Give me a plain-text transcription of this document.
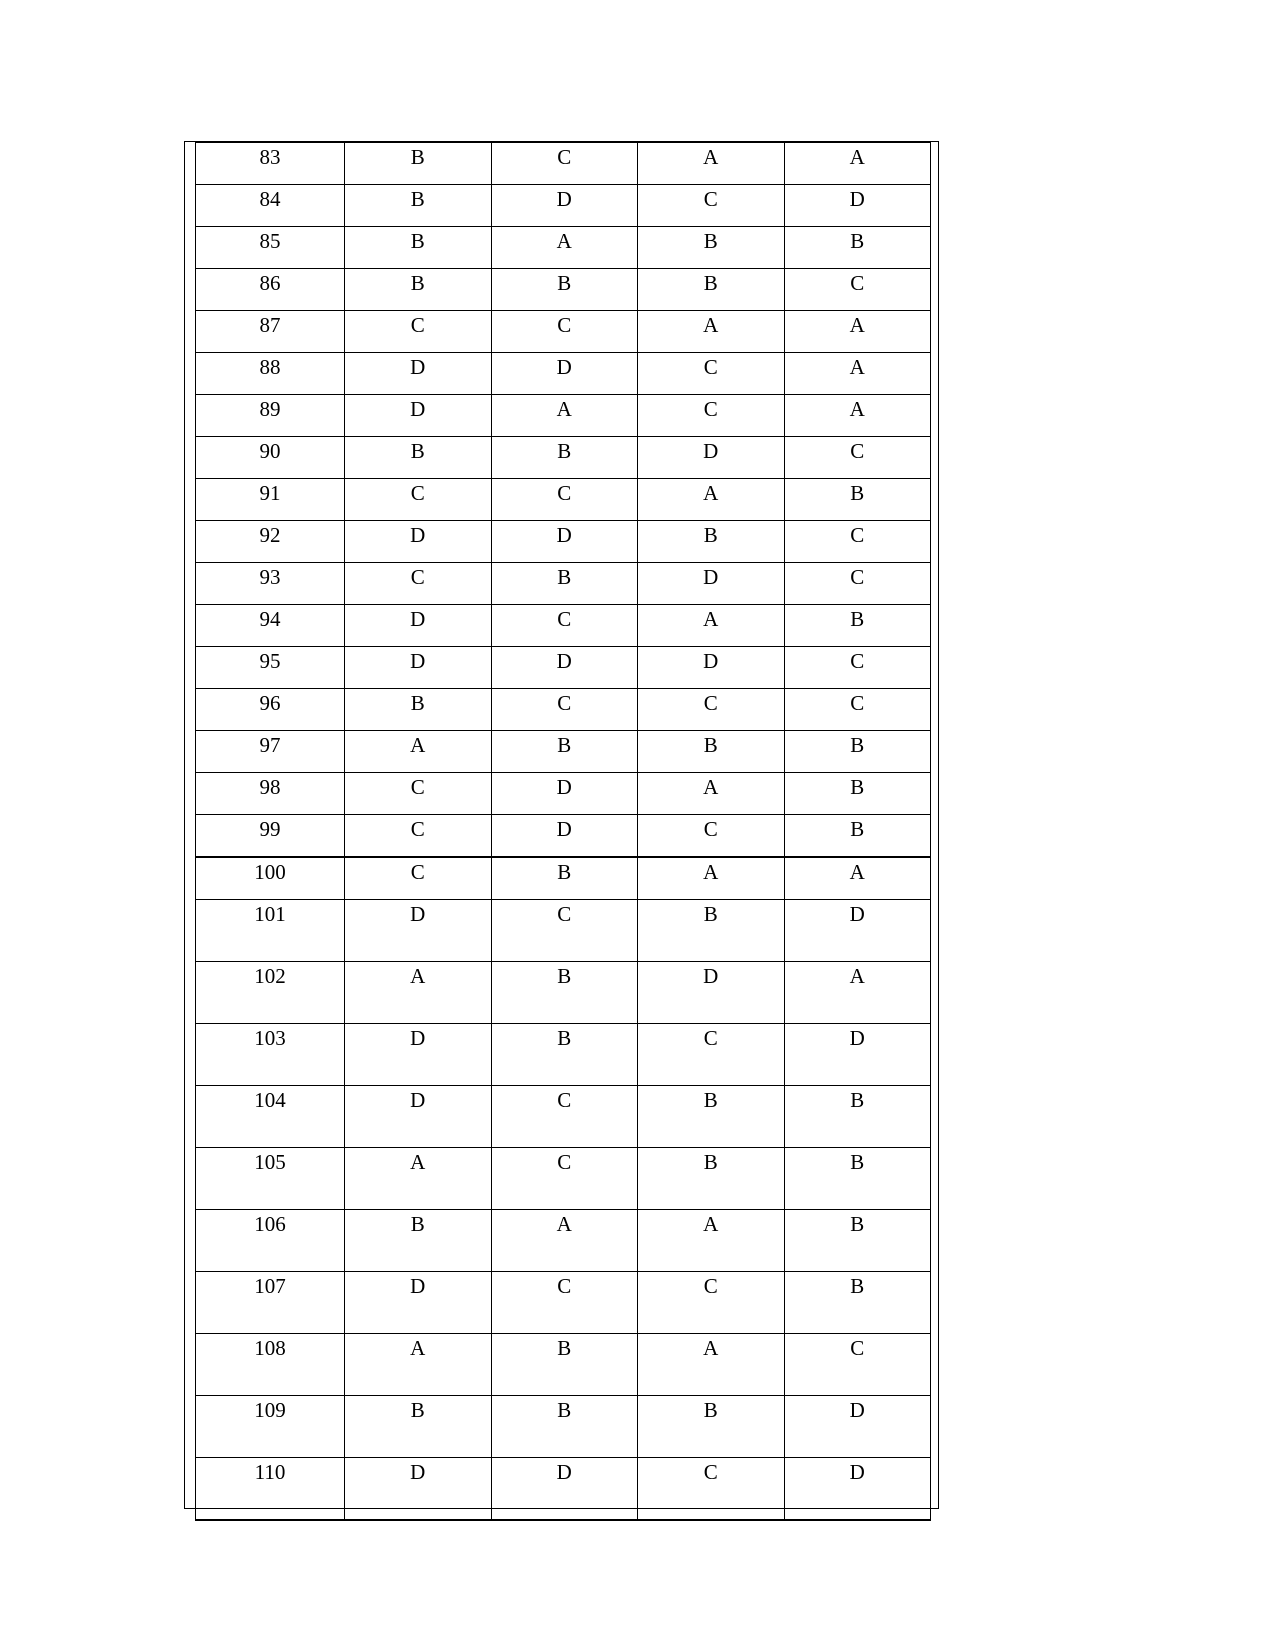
83	B	C	A	A

84	B	D	C	D

85	B	A	B	B

86	B	B	B	C

87	C	C	A	A

88	D	D	C	A

89	D	A	C	A

90	B	B	D	C

91	C	C	A	B

92	D	D	B	C

93	C	B	D	C

94	D	C	A	B

95	D	D	D	C

96	B	C	C	C

97	A	B	B	B

98	C	D	A	B

99	C	D	C	B

100	C	B	A	A

101	D	C	B	D

102	A	B	D	A

103	D	B	C	D

104	D	C	B	B

105	A	C	B	B

106	B	A	A	B

107	D	C	C	B

108	A	B	A	C

109	B	B	B	D

110	D	D	C	D
